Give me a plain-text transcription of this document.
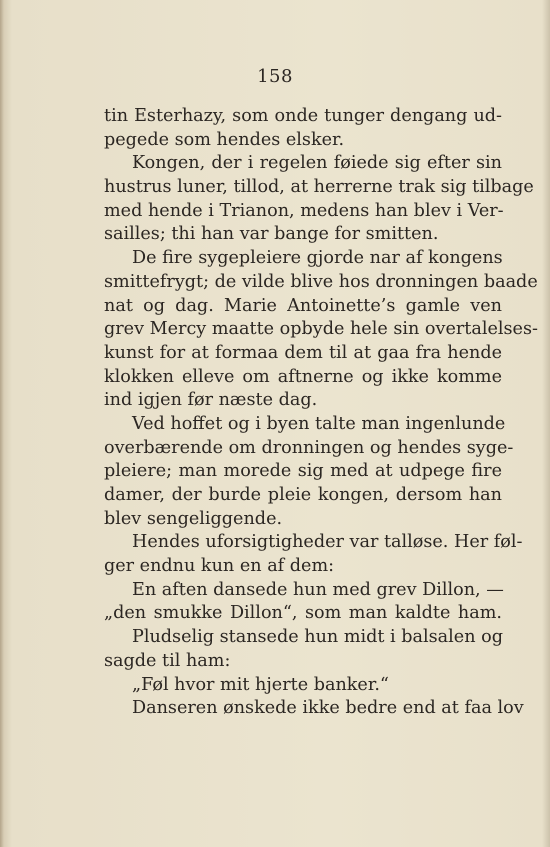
158
tin Esterhazy, som onde tunger dengang ud-
pegede som hendes elsker.
Kongen, der i regelen føiede sig efter sin
hustrus luner, tillod, at herrerne trak sig tilbage
med hende i Trianon, medens han blev i Ver-
sailles; thi han var bange for smitten.
De fire sygepleiere gjorde nar af kongens
smittefrygt; de vilde blive hos dronningen baade
nat og dag. Marie Antoinette’s gamle ven
grev Mercy maatte opbyde hele sin overtalelses-
kunst for at formaa dem til at gaa fra hende
klokken elleve om aftnerne og ikke komme
ind igjen før næste dag.
Ved hoffet og i byen talte man ingenlunde
overbærende om dronningen og hendes syge-
pleiere; man morede sig med at udpege fire
damer, der burde pleie kongen, dersom han
blev sengeliggende.
Hendes uforsigtigheder var talløse. Her føl-
ger endnu kun en af dem:
En aften dansede hun med grev Dillon, —
„den smukke Dillon“, som man kaldte ham.
Pludselig stansede hun midt i balsalen og
sagde til ham:
„Føl hvor mit hjerte banker.“
Danseren ønskede ikke bedre end at faa lov
